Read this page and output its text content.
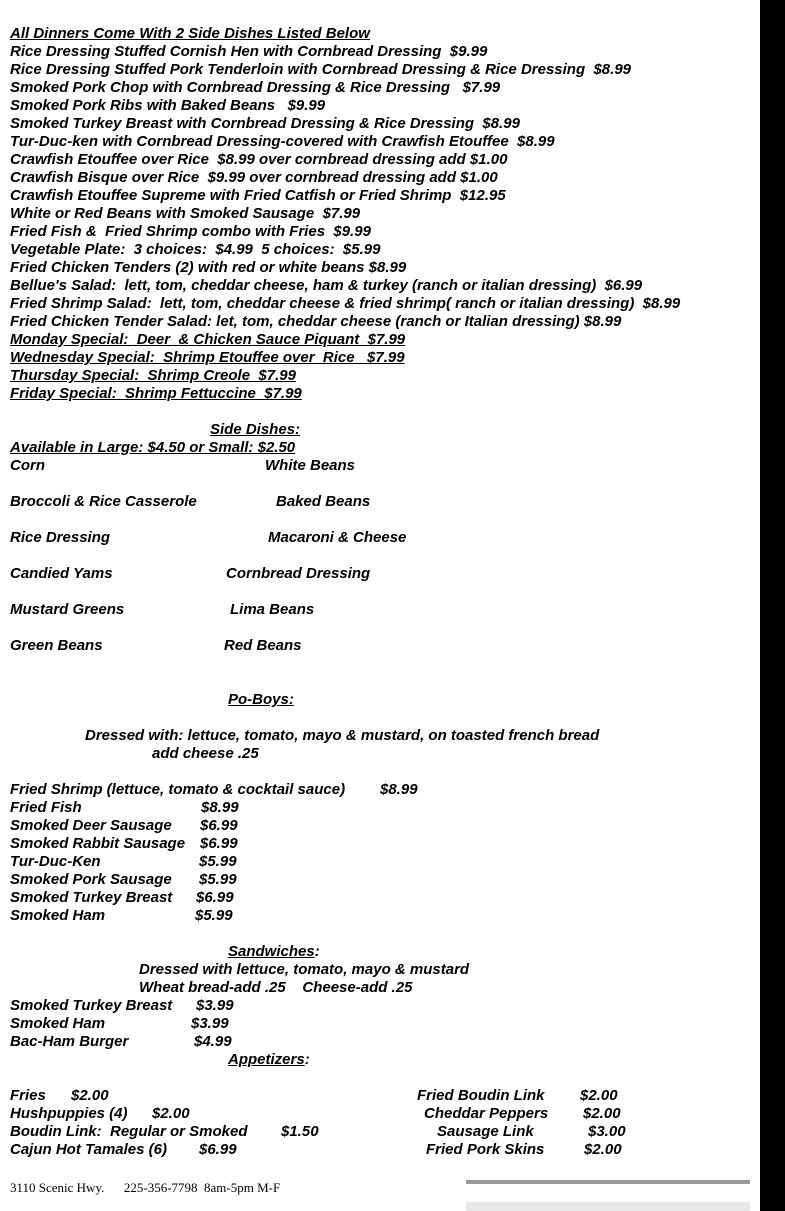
All Dinners Come With 2 Side Dishes Listed Below
Rice Dressing Stuffed Cornish Hen with Cornbread Dressing  $9.99
Rice Dressing Stuffed Pork Tenderloin with Cornbread Dressing & Rice Dressing  $8.99
Smoked Pork Chop with Cornbread Dressing & Rice Dressing   $7.99
Smoked Pork Ribs with Baked Beans   $9.99
Smoked Turkey Breast with Cornbread Dressing & Rice Dressing  $8.99
Tur-Duc-ken with Cornbread Dressing-covered with Crawfish Etouffee  $8.99
Crawfish Etouffee over Rice  $8.99 over cornbread dressing add $1.00
Crawfish Bisque over Rice  $9.99 over cornbread dressing add $1.00
Crawfish Etouffee Supreme with Fried Catfish or Fried Shrimp  $12.95
White or Red Beans with Smoked Sausage  $7.99
Fried Fish &  Fried Shrimp combo with Fries  $9.99
Vegetable Plate:  3 choices:  $4.99  5 choices:  $5.99
Fried Chicken Tenders (2) with red or white beans $8.99
Bellue's Salad:  lett, tom, cheddar cheese, ham & turkey (ranch or italian dressing)  $6.99
Fried Shrimp Salad:  lett, tom, cheddar cheese & fried shrimp( ranch or italian dressing)  $8.99
Fried Chicken Tender Salad: let, tom, cheddar cheese (ranch or Italian dressing) $8.99
Monday Special:  Deer  & Chicken Sauce Piquant  $7.99
Wednesday Special:  Shrimp Etouffee over  Rice   $7.99
Thursday Special:  Shrimp Creole  $7.99
Friday Special:  Shrimp Fettuccine  $7.99
Side Dishes:
Available in Large: $4.50 or Small: $2.50
Corn	White Beans
Broccoli & Rice Casserole	Baked Beans
Rice Dressing	Macaroni & Cheese
Candied Yams	Cornbread Dressing
Mustard Greens	Lima Beans
Green Beans	Red Beans
Po-Boys:
Dressed with: lettuce, tomato, mayo & mustard, on toasted french bread
add cheese .25
Fried Shrimp (lettuce, tomato & cocktail sauce) $8.99
Fried Fish	$8.99
Smoked Deer Sausage $6.99
Smoked Rabbit Sausage $6.99
Tur-Duc-Ken	$5.99
Smoked Pork Sausage $5.99
Smoked Turkey Breast $6.99
Smoked Ham	$5.99
Sandwiches:
Dressed with lettuce, tomato, mayo & mustard
Wheat bread-add .25    Cheese-add .25
Smoked Turkey Breast $3.99
Smoked Ham	$3.99
Bac-Ham Burger	$4.99
Appetizers:
Fries $2.00	Fried Boudin Link $2.00
Hushpuppies (4) $2.00	Cheddar Peppers $2.00
Boudin Link:  Regular or Smoked $1.50	Sausage Link	$3.00
Cajun Hot Tamales (6) $6.99	Fried Pork Skins	$2.00
3110 Scenic Hwy. 225-356-7798 8am-5pm M-F
